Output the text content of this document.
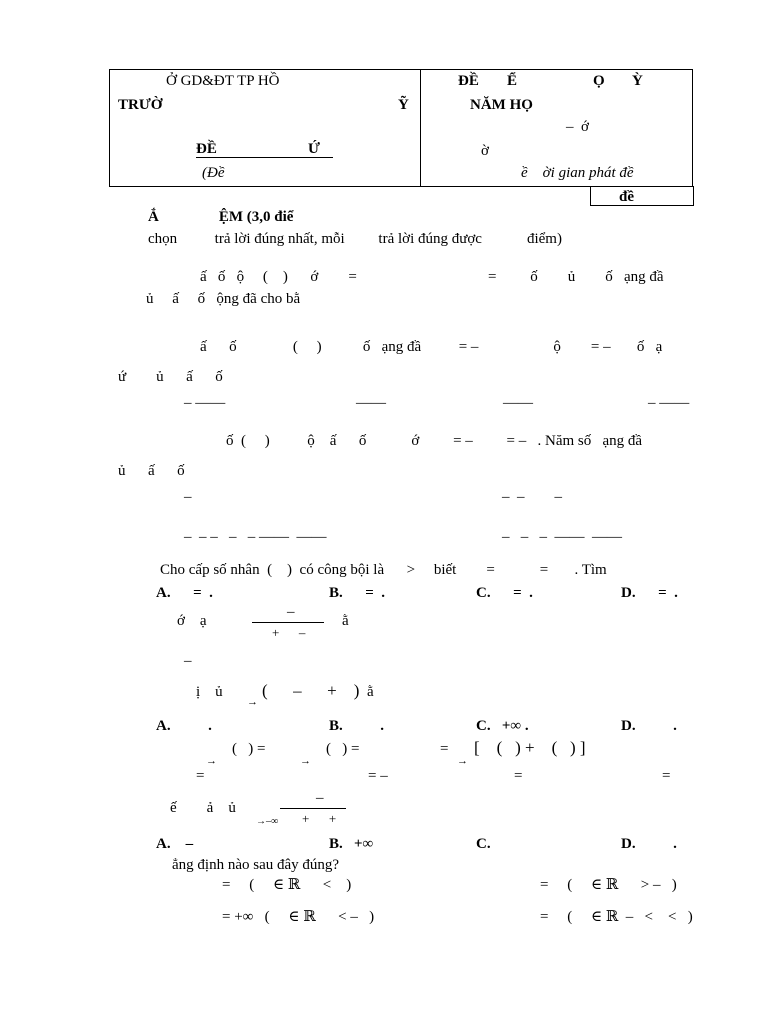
Ở GD&ĐT TP HỒ
TRƯỜ	Ỹ
ĐỀ	Ứ
(Đề
ĐỀ Ể	Ọ Ỳ
NĂM HỌ
–  ớ
ờ
ề    ời gian phát đề
đề
Ắ                ỆM (3,0 điể
chọn          trả lời đúng nhất, mỗi         trả lời đúng được            điểm)
ấ   ố   ộ     (    )      ớ        =                                   =         ố        ủ        ố   ạng đầ
ủ     ấ     ố   ộng đã cho bằ
ấ      ố               (     )           ố   ạng đầ          = –                    ộ        = –       ố   ạ
ứ        ủ      ấ      ố
– ——	——	——	– ——
ố  (     )          ộ    ấ      ố            ớ         = –         = –   . Năm số   ạng đầ
ủ      ấ      ố
–	–  –        –
–  – –   –   – ——  ——	–   –   –  ——  ——
Cho cấp số nhân  (    )  có công bội là      >     biết        =            =       . Tìm
A.      =  .	B.      =  .	C.      =  .	D.      =  .
ớ    ạ
–
+      –
ằ
–
ị    ủ
→
(      –      +    ) ằ
A.          .	B.          .	C.   +∞ .	D.          .
→
(   ) =
→
(   ) =	=
→
[    (   ) +    (   ) ]
=	= –	=	=
ế        ả    ủ
→–∞
–
+      +
A.    –	B.   +∞	C.	D.          .
ẳng định nào sau đây đúng?
=     (     ∈ ℝ      <    )	=     (     ∈ ℝ      > –   )
= +∞   (     ∈ ℝ      < –   )	=     (     ∈ ℝ  –   <    <   )
